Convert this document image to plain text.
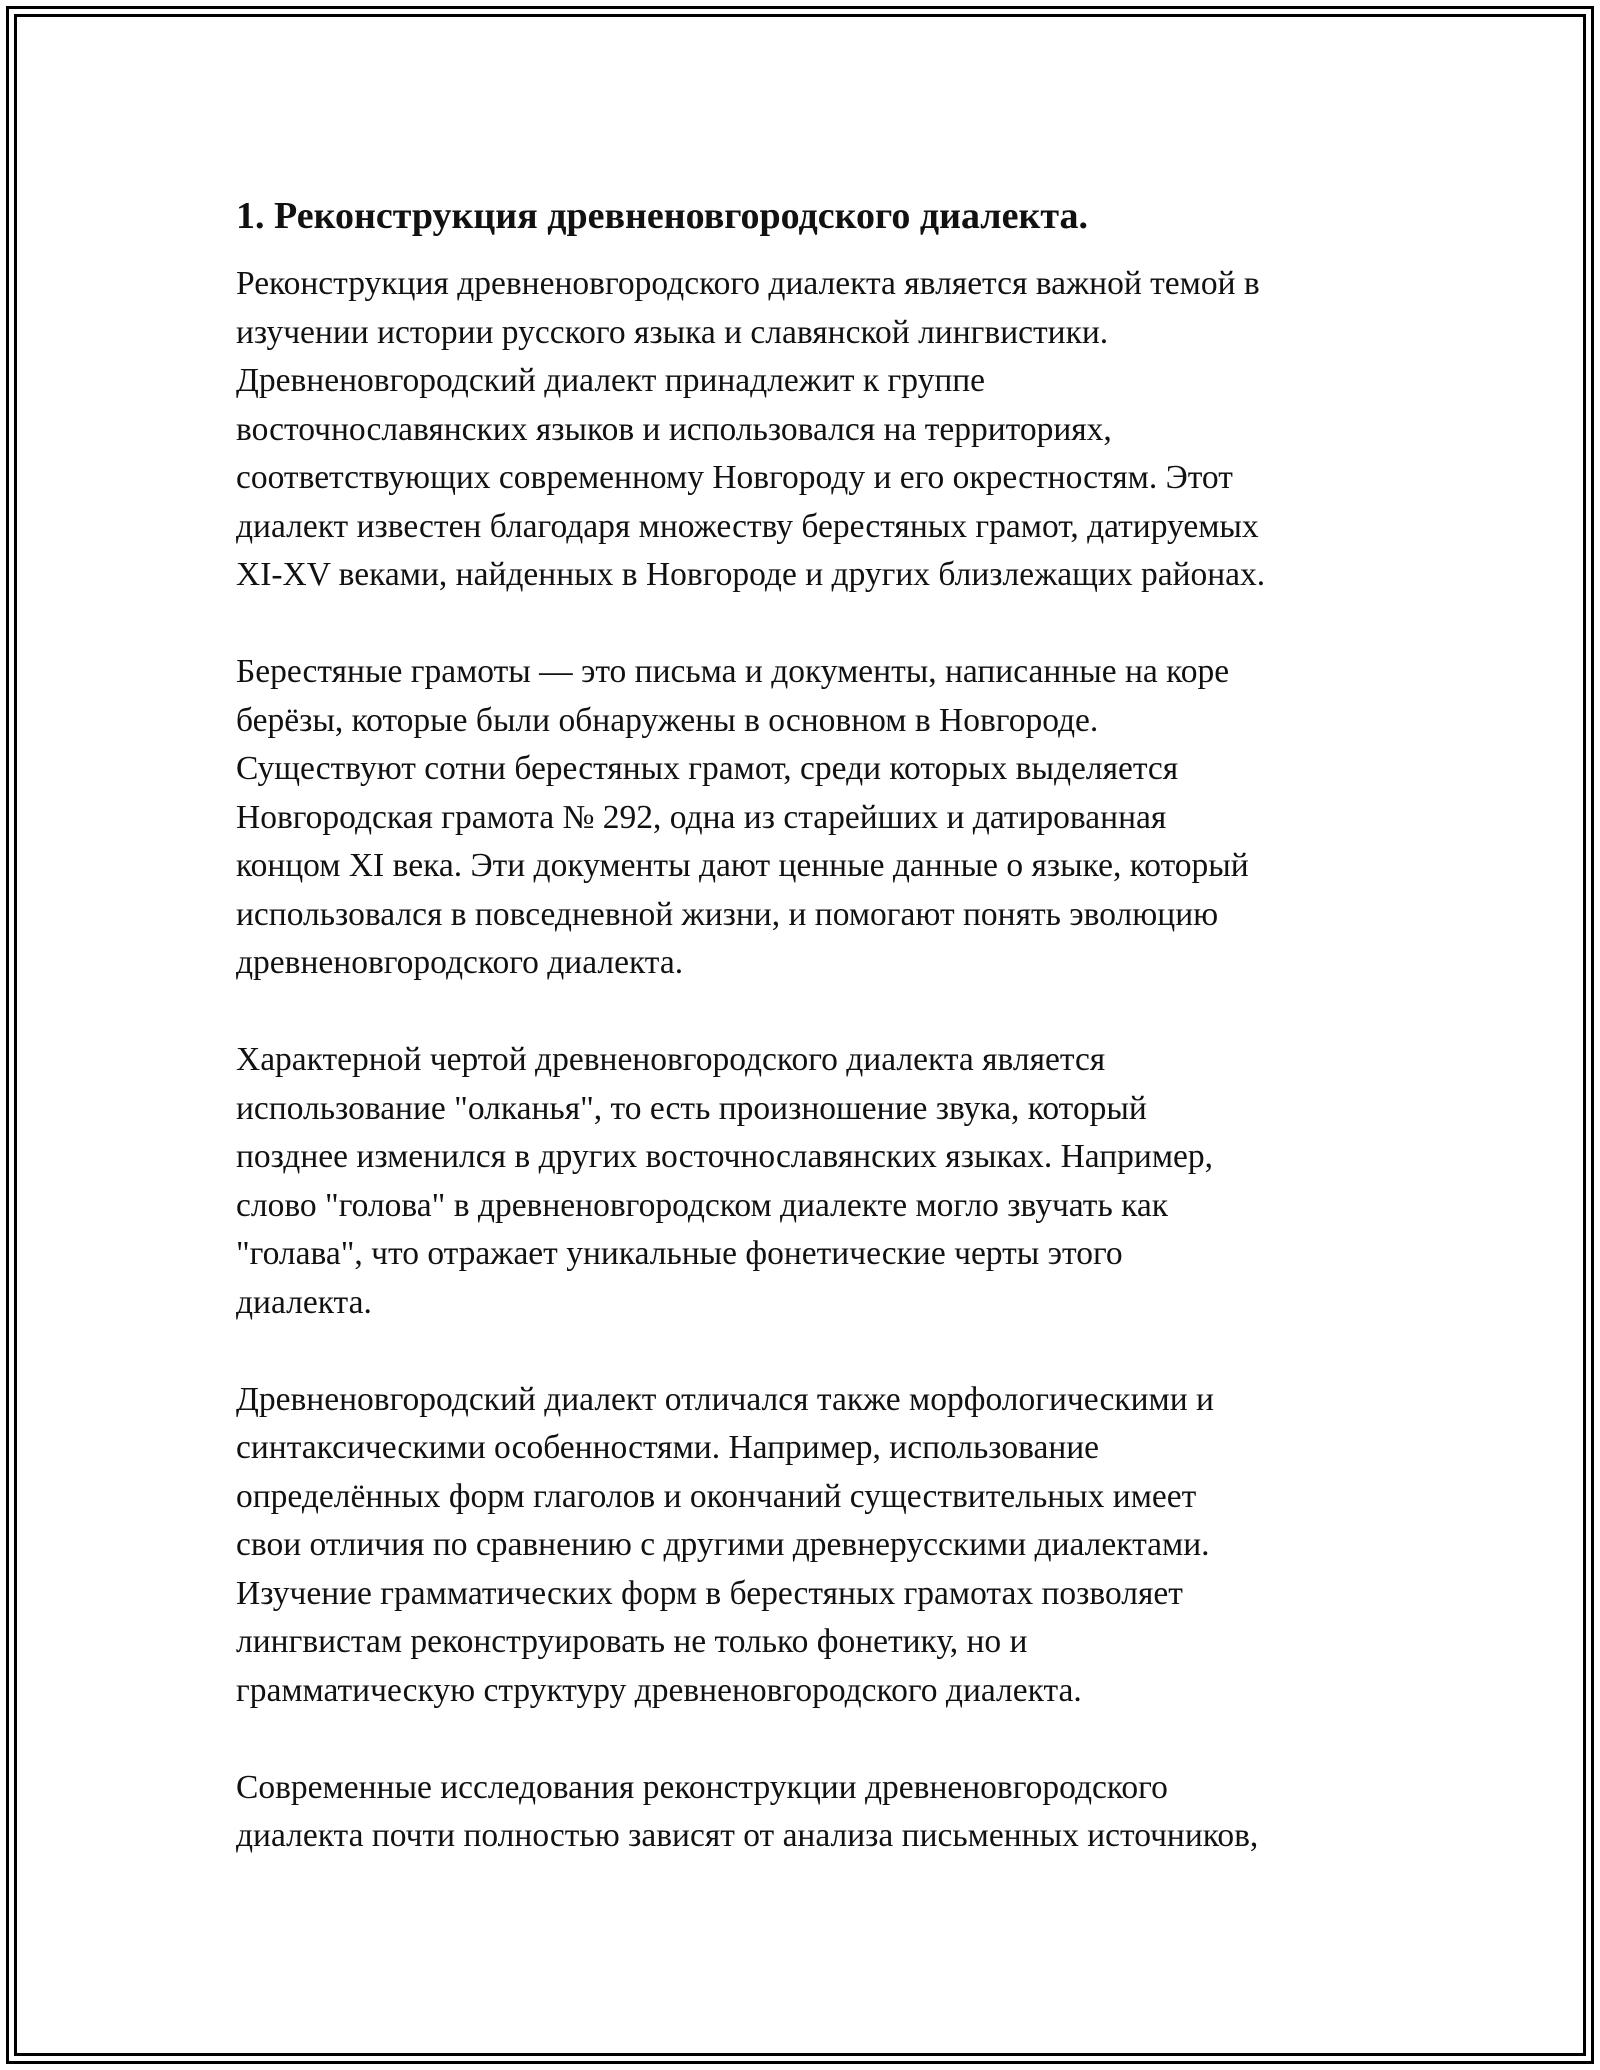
1. Реконструкция древненовгородского диалекта.
Реконструкция древненовгородского диалекта является важной темой в
изучении истории русского языка и славянской лингвистики.
Древненовгородский диалект принадлежит к группе
восточнославянских языков и использовался на территориях,
соответствующих современному Новгороду и его окрестностям. Этот
диалект известен благодаря множеству берестяных грамот, датируемых
XI-XV веками, найденных в Новгороде и других близлежащих районах.
Берестяные грамоты — это письма и документы, написанные на коре
берёзы, которые были обнаружены в основном в Новгороде.
Существуют сотни берестяных грамот, среди которых выделяется
Новгородская грамота № 292, одна из старейших и датированная
концом XI века. Эти документы дают ценные данные о языке, который
использовался в повседневной жизни, и помогают понять эволюцию
древненовгородского диалекта.
Характерной чертой древненовгородского диалекта является
использование "олканья", то есть произношение звука, который
позднее изменился в других восточнославянских языках. Например,
слово "голова" в древненовгородском диалекте могло звучать как
"голава", что отражает уникальные фонетические черты этого
диалекта.
Древненовгородский диалект отличался также морфологическими и
синтаксическими особенностями. Например, использование
определённых форм глаголов и окончаний существительных имеет
свои отличия по сравнению с другими древнерусскими диалектами.
Изучение грамматических форм в берестяных грамотах позволяет
лингвистам реконструировать не только фонетику, но и
грамматическую структуру древненовгородского диалекта.
Современные исследования реконструкции древненовгородского
диалекта почти полностью зависят от анализа письменных источников,
